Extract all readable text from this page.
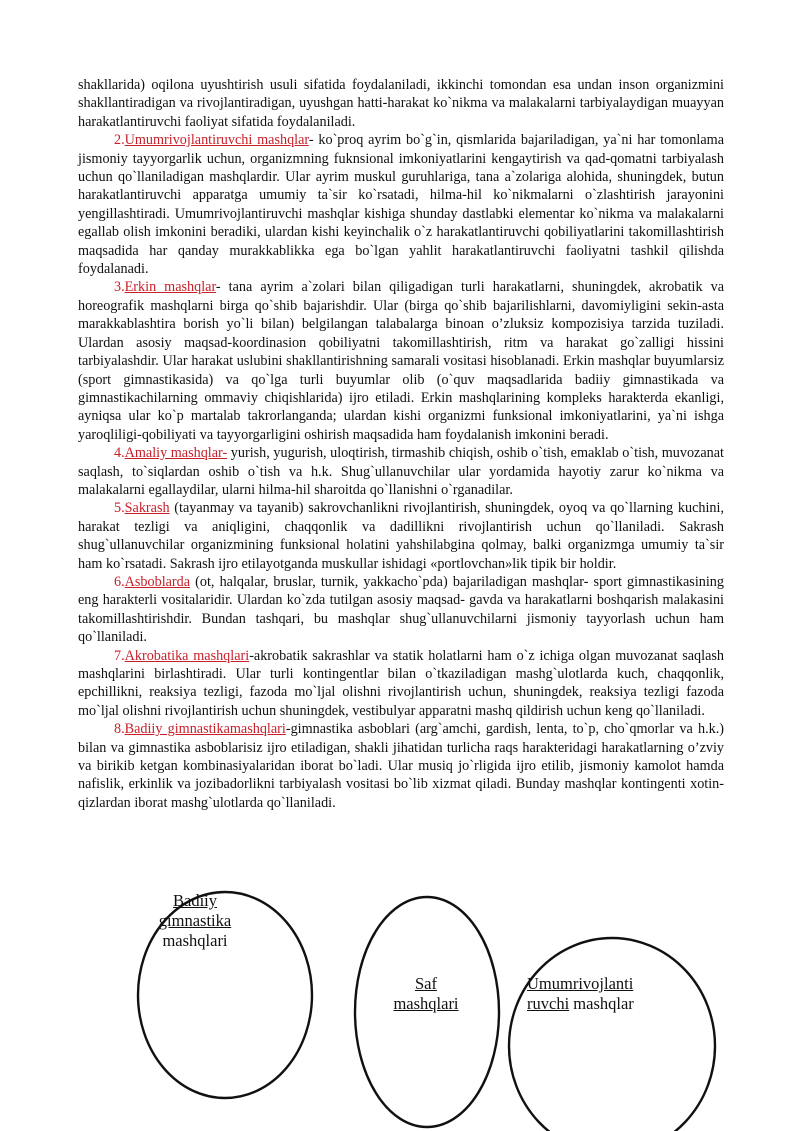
shakllarida) oqilona uyushtirish usuli sifatida foydalaniladi, ikkinchi tomondan esa undan inson organizmini shakllantiradigan va rivojlantiradigan, uyushgan hatti-harakat ko`nikma va malakalarni tarbiyalaydigan muayyan harakatlantiruvchi faoliyat sifatida foydalaniladi.

2.Umumrivojlantiruvchi mashqlar- ko`proq ayrim bo`g`in, qismlarida bajariladigan, ya`ni har tomonlama jismoniy tayyorgarlik uchun, organizmning fuknsional imkoniyatlarini kengaytirish va qad-qomatni tarbiyalash uchun qo`llaniladigan mashqlardir. Ular ayrim muskul guruhlariga, tana a`zolariga alohida, shuningdek, butun harakatlantiruvchi apparatga umumiy ta`sir ko`rsatadi, hilma-hil ko`nikmalarni o`zlashtirish jarayonini yengillashtiradi. Umumrivojlantiruvchi mashqlar kishiga shunday dastlabki elementar ko`nikma va malakalarni egallab olish imkonini beradiki, ulardan kishi keyinchalik o`z harakatlantiruvchi qobiliyatlarini takomillashtirish maqsadida har qanday murakkablikka ega bo`lgan yahlit harakatlantiruvchi faoliyatni tashkil qilishda foydalanadi.

3.Erkin mashqlar- tana ayrim a`zolari bilan qiligadigan turli harakatlarni, shuningdek, akrobatik va horeografik mashqlarni birga qo`shib bajarishdir. Ular (birga qo`shib bajarilishlarni, davomiyligini sekin-asta marakkablashtira borish yo`li bilan) belgilangan talabalarga binoan o’zluksiz kompozisiya tarzida tuziladi. Ulardan asosiy maqsad-koordinasion qobiliyatni takomillashtirish, ritm va harakat go`zalligi hissini tarbiyalashdir. Ular harakat uslubini shakllantirishning samarali vositasi hisoblanadi. Erkin mashqlar buyumlarsiz (sport gimnastikasida) va qo`lga turli buyumlar olib (o`quv maqsadlarida badiiy gimnastikada va gimnastikachilarning ommaviy chiqishlarida) ijro etiladi. Erkin mashqlarining kompleks harakterda ekanligi, ayniqsa ular ko`p martalab takrorlanganda; ulardan kishi organizmi funksional imkoniyatlarini, ya`ni ishga yaroqliligi-qobiliyati va tayyorgarligini oshirish maqsadida ham foydalanish imkonini beradi.

4.Amaliy mashqlar- yurish, yugurish, uloqtirish, tirmashib chiqish, oshib o`tish, emaklab o`tish, muvozanat saqlash, to`siqlardan oshib o`tish va h.k. Shug`ullanuvchilar ular yordamida hayotiy zarur ko`nikma va malakalarni egallaydilar, ularni hilma-hil sharoitda qo`llanishni o`rganadilar.

5.Sakrash (tayanmay va tayanib) sakrovchanlikni rivojlantirish, shuningdek, oyoq va qo`llarning kuchini, harakat tezligi va aniqligini, chaqqonlik va dadillikni rivojlantirish uchun qo`llaniladi. Sakrash shug`ullanuvchilar organizmining funksional holatini yahshilabgina qolmay, balki organizmga umumiy ta`sir ham ko`rsatadi. Sakrash ijro etilayotganda muskullar ishidagi «portlovchan»lik tipik bir holdir.

6.Asboblarda (ot, halqalar, bruslar, turnik, yakkacho`pda) bajariladigan mashqlar- sport gimnastikasining eng harakterli vositalaridir. Ulardan ko`zda tutilgan asosiy maqsad- gavda va harakatlarni boshqarish malakasini takomillashtirishdir. Bundan tashqari, bu mashqlar shug`ullanuvchilarni jismoniy tayyorlash uchun ham qo`llaniladi.

7.Akrobatika mashqlari-akrobatik sakrashlar va statik holatlarni ham o`z ichiga olgan muvozanat saqlash mashqlarini birlashtiradi. Ular turli kontingentlar bilan o`tkaziladigan mashg`ulotlarda kuch, chaqqonlik, epchillikni, reaksiya tezligi, fazoda mo`ljal olishni rivojlantirish uchun, shuningdek, reaksiya tezligi fazoda mo`ljal olishni rivojlantirish uchun shuningdek, vestibulyar apparatni mashq qildirish uchun keng qo`llaniladi.

8.Badiiy gimnastikamashqlari-gimnastika asboblari (arg`amchi, gardish, lenta, to`p, cho`qmorlar va h.k.) bilan va gimnastika asboblarisiz ijro etiladigan, shakli jihatidan turlicha raqs harakteridagi harakatlarning o’zviy va birikib ketgan kombinasiyalaridan iborat bo`ladi. Ular musiq jo`rligida ijro etilib, jismoniy kamolot hamda nafislik, erkinlik va jozibadorlikni tarbiyalash vositasi bo`lib xizmat qiladi. Bunday mashqlar kontingenti xotin-qizlardan iborat mashg`ulotlarda qo`llaniladi.

Badiiy
gimnastika
mashqlari
Saf
mashqlari
Umumrivojlanti
ruvchi mashqlar
